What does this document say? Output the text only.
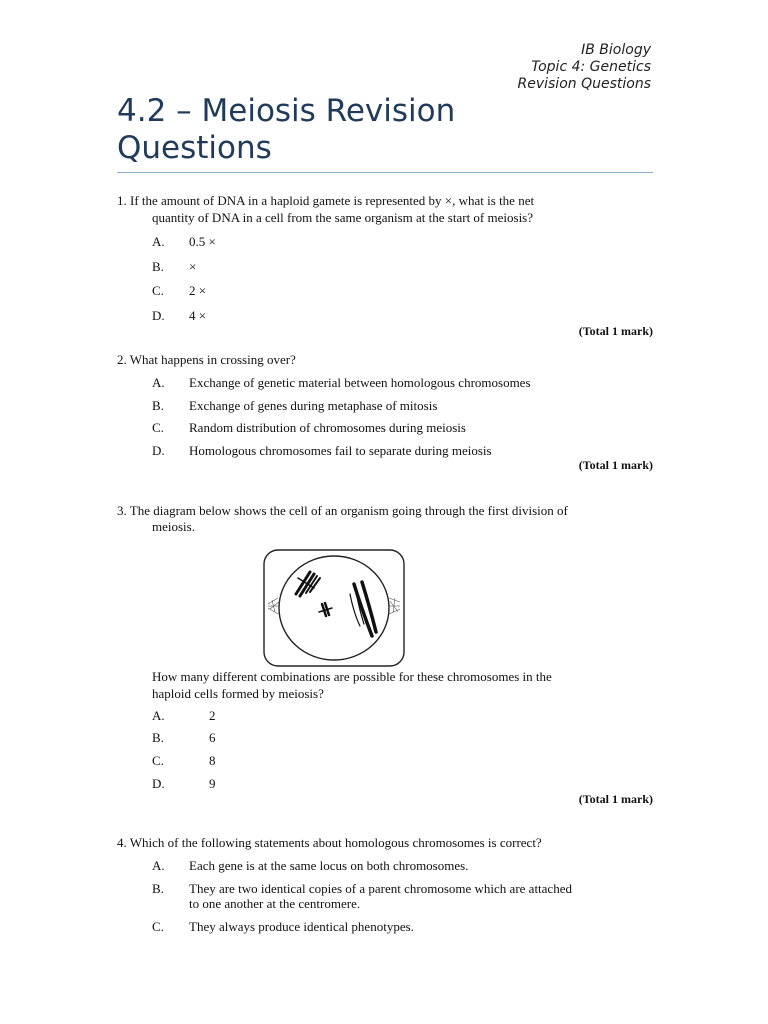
IB Biology
Topic 4: Genetics
Revision Questions
4.2 – Meiosis Revision
Questions
1. If the amount of DNA in a haploid gamete is represented by ×, what is the net
quantity of DNA in a cell from the same organism at the start of meiosis?
A. 0.5 ×
B. ×
C. 2 ×
D. 4 ×
(Total 1 mark)
2. What happens in crossing over?
A. Exchange of genetic material between homologous chromosomes
B. Exchange of genes during metaphase of mitosis
C. Random distribution of chromosomes during meiosis
D. Homologous chromosomes fail to separate during meiosis
(Total 1 mark)
3. The diagram below shows the cell of an organism going through the first division of
meiosis.
How many different combinations are possible for these chromosomes in the
haploid cells formed by meiosis?
A.	2
B.	6
C.	8
D.	9
(Total 1 mark)
4. Which of the following statements about homologous chromosomes is correct?
A. Each gene is at the same locus on both chromosomes.
B. They are two identical copies of a parent chromosome which are attached
to one another at the centromere.
C. They always produce identical phenotypes.
